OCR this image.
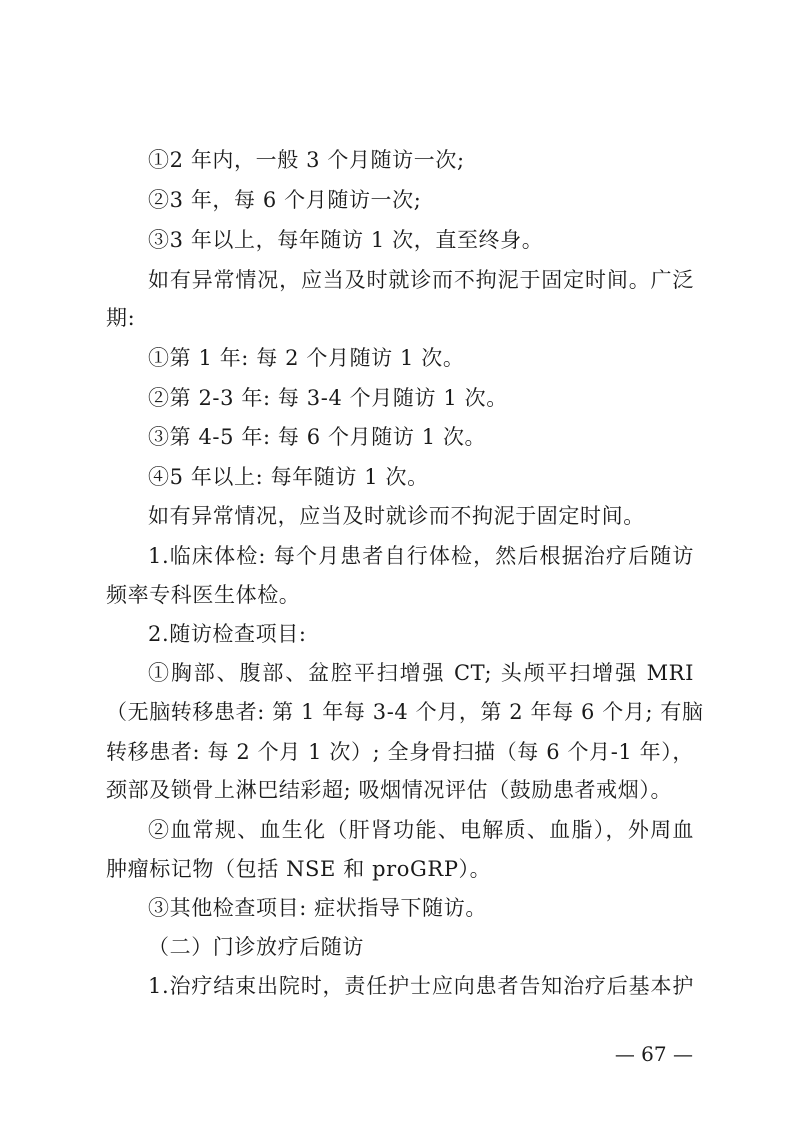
①2 年内，一般 3 个月随访一次;
②3 年，每 6 个月随访一次;
③3 年以上，每年随访 1 次，直至终身。
如有异常情况，应当及时就诊而不拘泥于固定时间。广泛
期:
①第 1 年: 每 2 个月随访 1 次。
②第 2-3 年: 每 3-4 个月随访 1 次。
③第 4-5 年: 每 6 个月随访 1 次。
④5 年以上: 每年随访 1 次。
如有异常情况，应当及时就诊而不拘泥于固定时间。
1.临床体检: 每个月患者自行体检，然后根据治疗后随访
频率专科医生体检。
2.随访检查项目:
①胸部、腹部、盆腔平扫增强 CT; 头颅平扫增强 MRI
（无脑转移患者: 第 1 年每 3-4 个月，第 2 年每 6 个月; 有脑
转移患者: 每 2 个月 1 次）; 全身骨扫描（每 6 个月-1 年），
颈部及锁骨上淋巴结彩超; 吸烟情况评估（鼓励患者戒烟）。
②血常规、血生化（肝肾功能、电解质、血脂），外周血
肿瘤标记物（包括 NSE 和 proGRP）。
③其他检查项目: 症状指导下随访。
（二）门诊放疗后随访
1.治疗结束出院时，责任护士应向患者告知治疗后基本护
— 67 —
